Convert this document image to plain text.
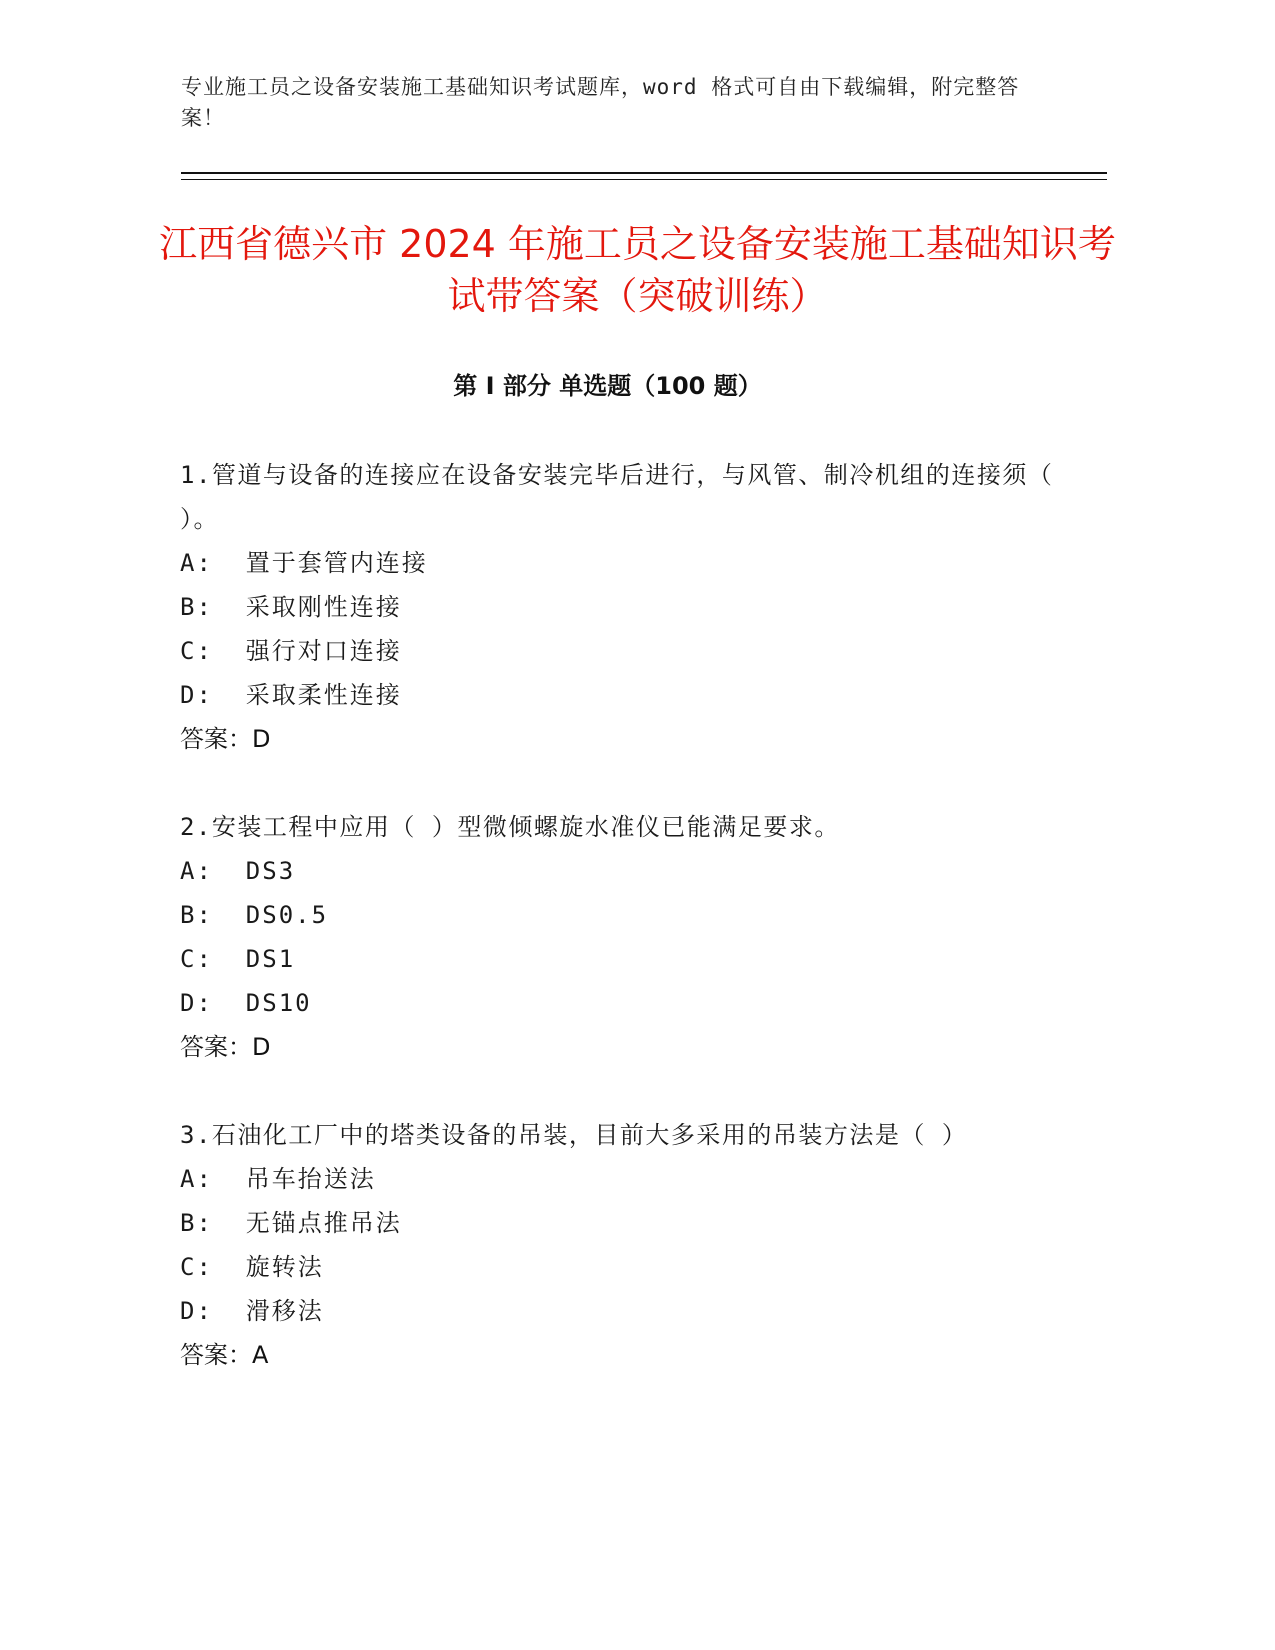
专业施工员之设备安装施工基础知识考试题库，word 格式可自由下载编辑，附完整答案！
江西省德兴市 2024 年施工员之设备安装施工基础知识考试带答案（突破训练）
第 I 部分 单选题（100 题）

1.管道与设备的连接应在设备安装完毕后进行，与风管、制冷机组的连接须（ ）。

A:  置于套管内连接
B:  采取刚性连接
C:  强行对口连接
D:  采取柔性连接
答案：D

2.安装工程中应用（ ）型微倾螺旋水准仪已能满足要求。

A:  DS3
B:  DS0.5
C:  DS1
D:  DS10
答案：D

3.石油化工厂中的塔类设备的吊装，目前大多采用的吊装方法是（ ）

A:  吊车抬送法
B:  无锚点推吊法
C:  旋转法
D:  滑移法
答案：A
